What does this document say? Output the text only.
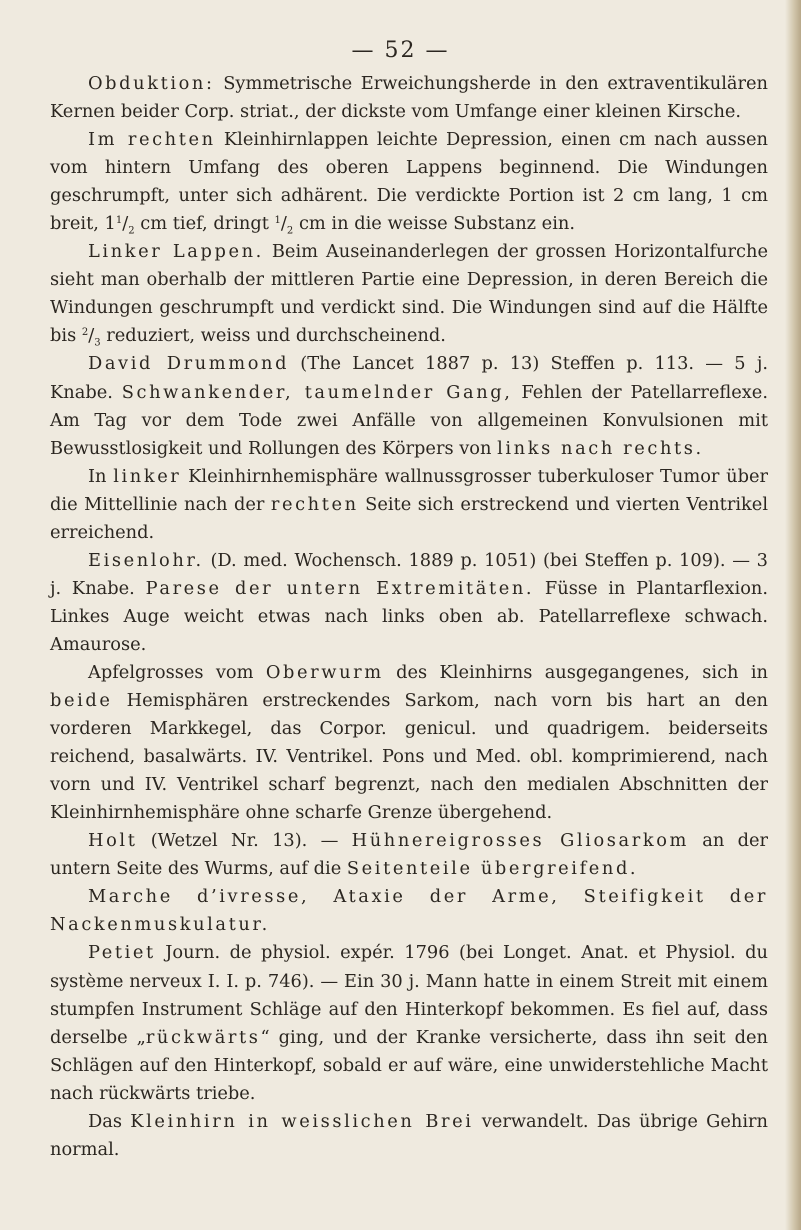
— 52 —

Obduktion: Symmetrische Erweichungsherde in den extraventikulären Kernen beider Corp. striat., der dickste vom Umfange einer kleinen Kirsche.

Im rechten Kleinhirnlappen leichte Depression, einen cm nach aussen vom hintern Umfang des oberen Lappens beginnend. Die Windungen geschrumpft, unter sich adhärent. Die verdickte Portion ist 2 cm lang, 1 cm breit, $1^1/_2$ cm tief, dringt $^1/_2$ cm in die weisse Substanz ein.

Linker Lappen. Beim Auseinanderlegen der grossen Horizontalfurche sieht man oberhalb der mittleren Partie eine Depression, in deren Bereich die Windungen geschrumpft und verdickt sind. Die Windungen sind auf die Hälfte bis $^2/_3$ reduziert, weiss und durchscheinend.

David Drummond (The Lancet 1887 p. 13) Steffen p. 113. — 5 j. Knabe. Schwankender, taumelnder Gang, Fehlen der Patellarreflexe. Am Tag vor dem Tode zwei Anfälle von allgemeinen Konvulsionen mit Bewusstlosigkeit und Rollungen des Körpers von links nach rechts.

In linker Kleinhirnhemisphäre wallnussgrosser tuberkuloser Tumor über die Mittellinie nach der rechten Seite sich erstreckend und vierten Ventrikel erreichend.

Eisenlohr. (D. med. Wochensch. 1889 p. 1051) (bei Steffen p. 109). — 3 j. Knabe. Parese der untern Extremitäten. Füsse in Plantarflexion. Linkes Auge weicht etwas nach links oben ab. Patellarreflexe schwach. Amaurose.

Apfelgrosses vom Oberwurm des Kleinhirns ausgegangenes, sich in beide Hemisphären erstreckendes Sarkom, nach vorn bis hart an den vorderen Markkegel, das Corpor. genicul. und quadrigem. beiderseits reichend, basalwärts. IV. Ventrikel. Pons und Med. obl. komprimierend, nach vorn und IV. Ventrikel scharf begrenzt, nach den medialen Abschnitten der Kleinhirnhemisphäre ohne scharfe Grenze übergehend.

Holt (Wetzel Nr. 13). — Hühnereigrosses Gliosarkom an der untern Seite des Wurms, auf die Seitenteile übergreifend.

Marche d’ivresse, Ataxie der Arme, Steifigkeit der Nackenmuskulatur.

Petiet Journ. de physiol. expér. 1796 (bei Longet. Anat. et Physiol. du système nerveux I. I. p. 746). — Ein 30 j. Mann hatte in einem Streit mit einem stumpfen Instrument Schläge auf den Hinterkopf bekommen. Es fiel auf, dass derselbe „rückwärts“ ging, und der Kranke versicherte, dass ihn seit den Schlägen auf den Hinterkopf, sobald er auf wäre, eine unwiderstehliche Macht nach rückwärts triebe.

Das Kleinhirn in weisslichen Brei verwandelt. Das übrige Gehirn normal.
